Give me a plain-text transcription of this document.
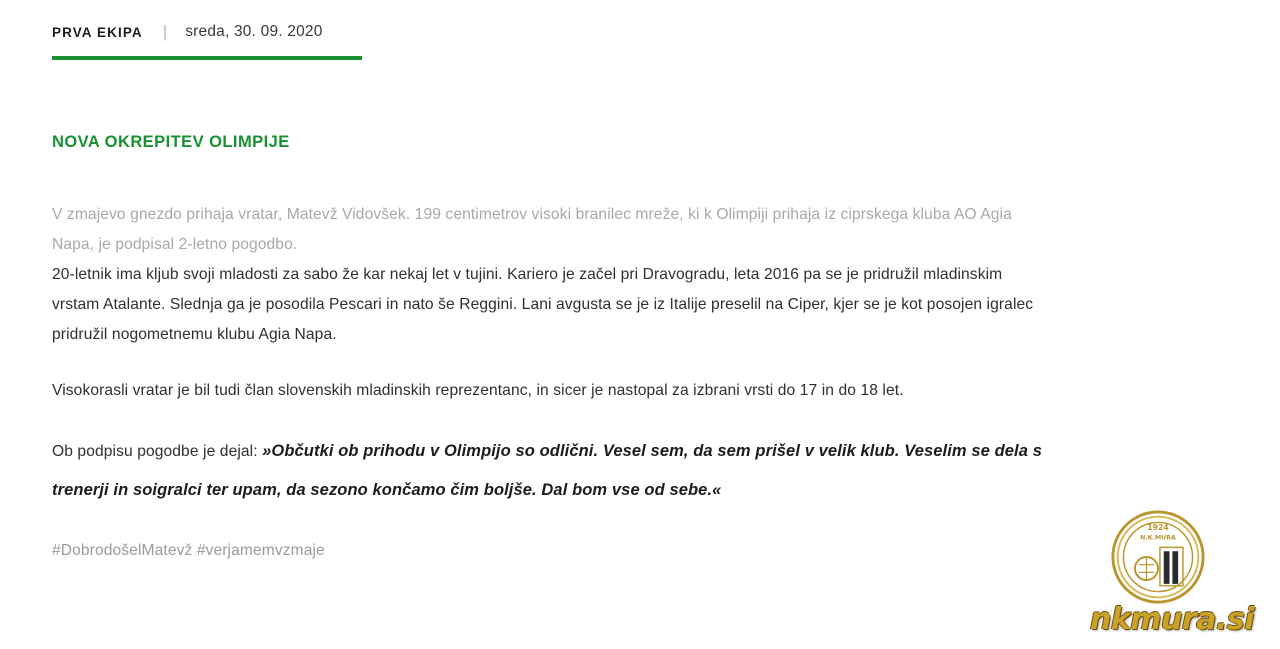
PRVA EKIPA | sreda, 30. 09. 2020
NOVA OKREPITEV OLIMPIJE

V zmajevo gnezdo prihaja vratar, Matevž Vidovšek. 199 centimetrov visoki branilec mreže, ki k Olimpiji prihaja iz ciprskega kluba AO Agia Napa, je podpisal 2-letno pogodbo.

20-letnik ima kljub svoji mladosti za sabo že kar nekaj let v tujini. Kariero je začel pri Dravogradu, leta 2016 pa se je pridružil mladinskim vrstam Atalante. Slednja ga je posodila Pescari in nato še Reggini. Lani avgusta se je iz Italije preselil na Ciper, kjer se je kot posojen igralec pridružil nogometnemu klubu Agia Napa.

Visokorasli vratar je bil tudi član slovenskih mladinskih reprezentanc, in sicer je nastopal za izbrani vrsti do 17 in do 18 let.

Ob podpisu pogodbe je dejal: »Občutki ob prihodu v Olimpijo so odlični. Vesel sem, da sem prišel v velik klub. Veselim se dela s trenerji in soigralci ter upam, da sezono končamo čim boljše. Dal bom vse od sebe.«

#DobrodošelMatevž #verjamemvzmaje

1924
N.K.MURA
nkmura.si
